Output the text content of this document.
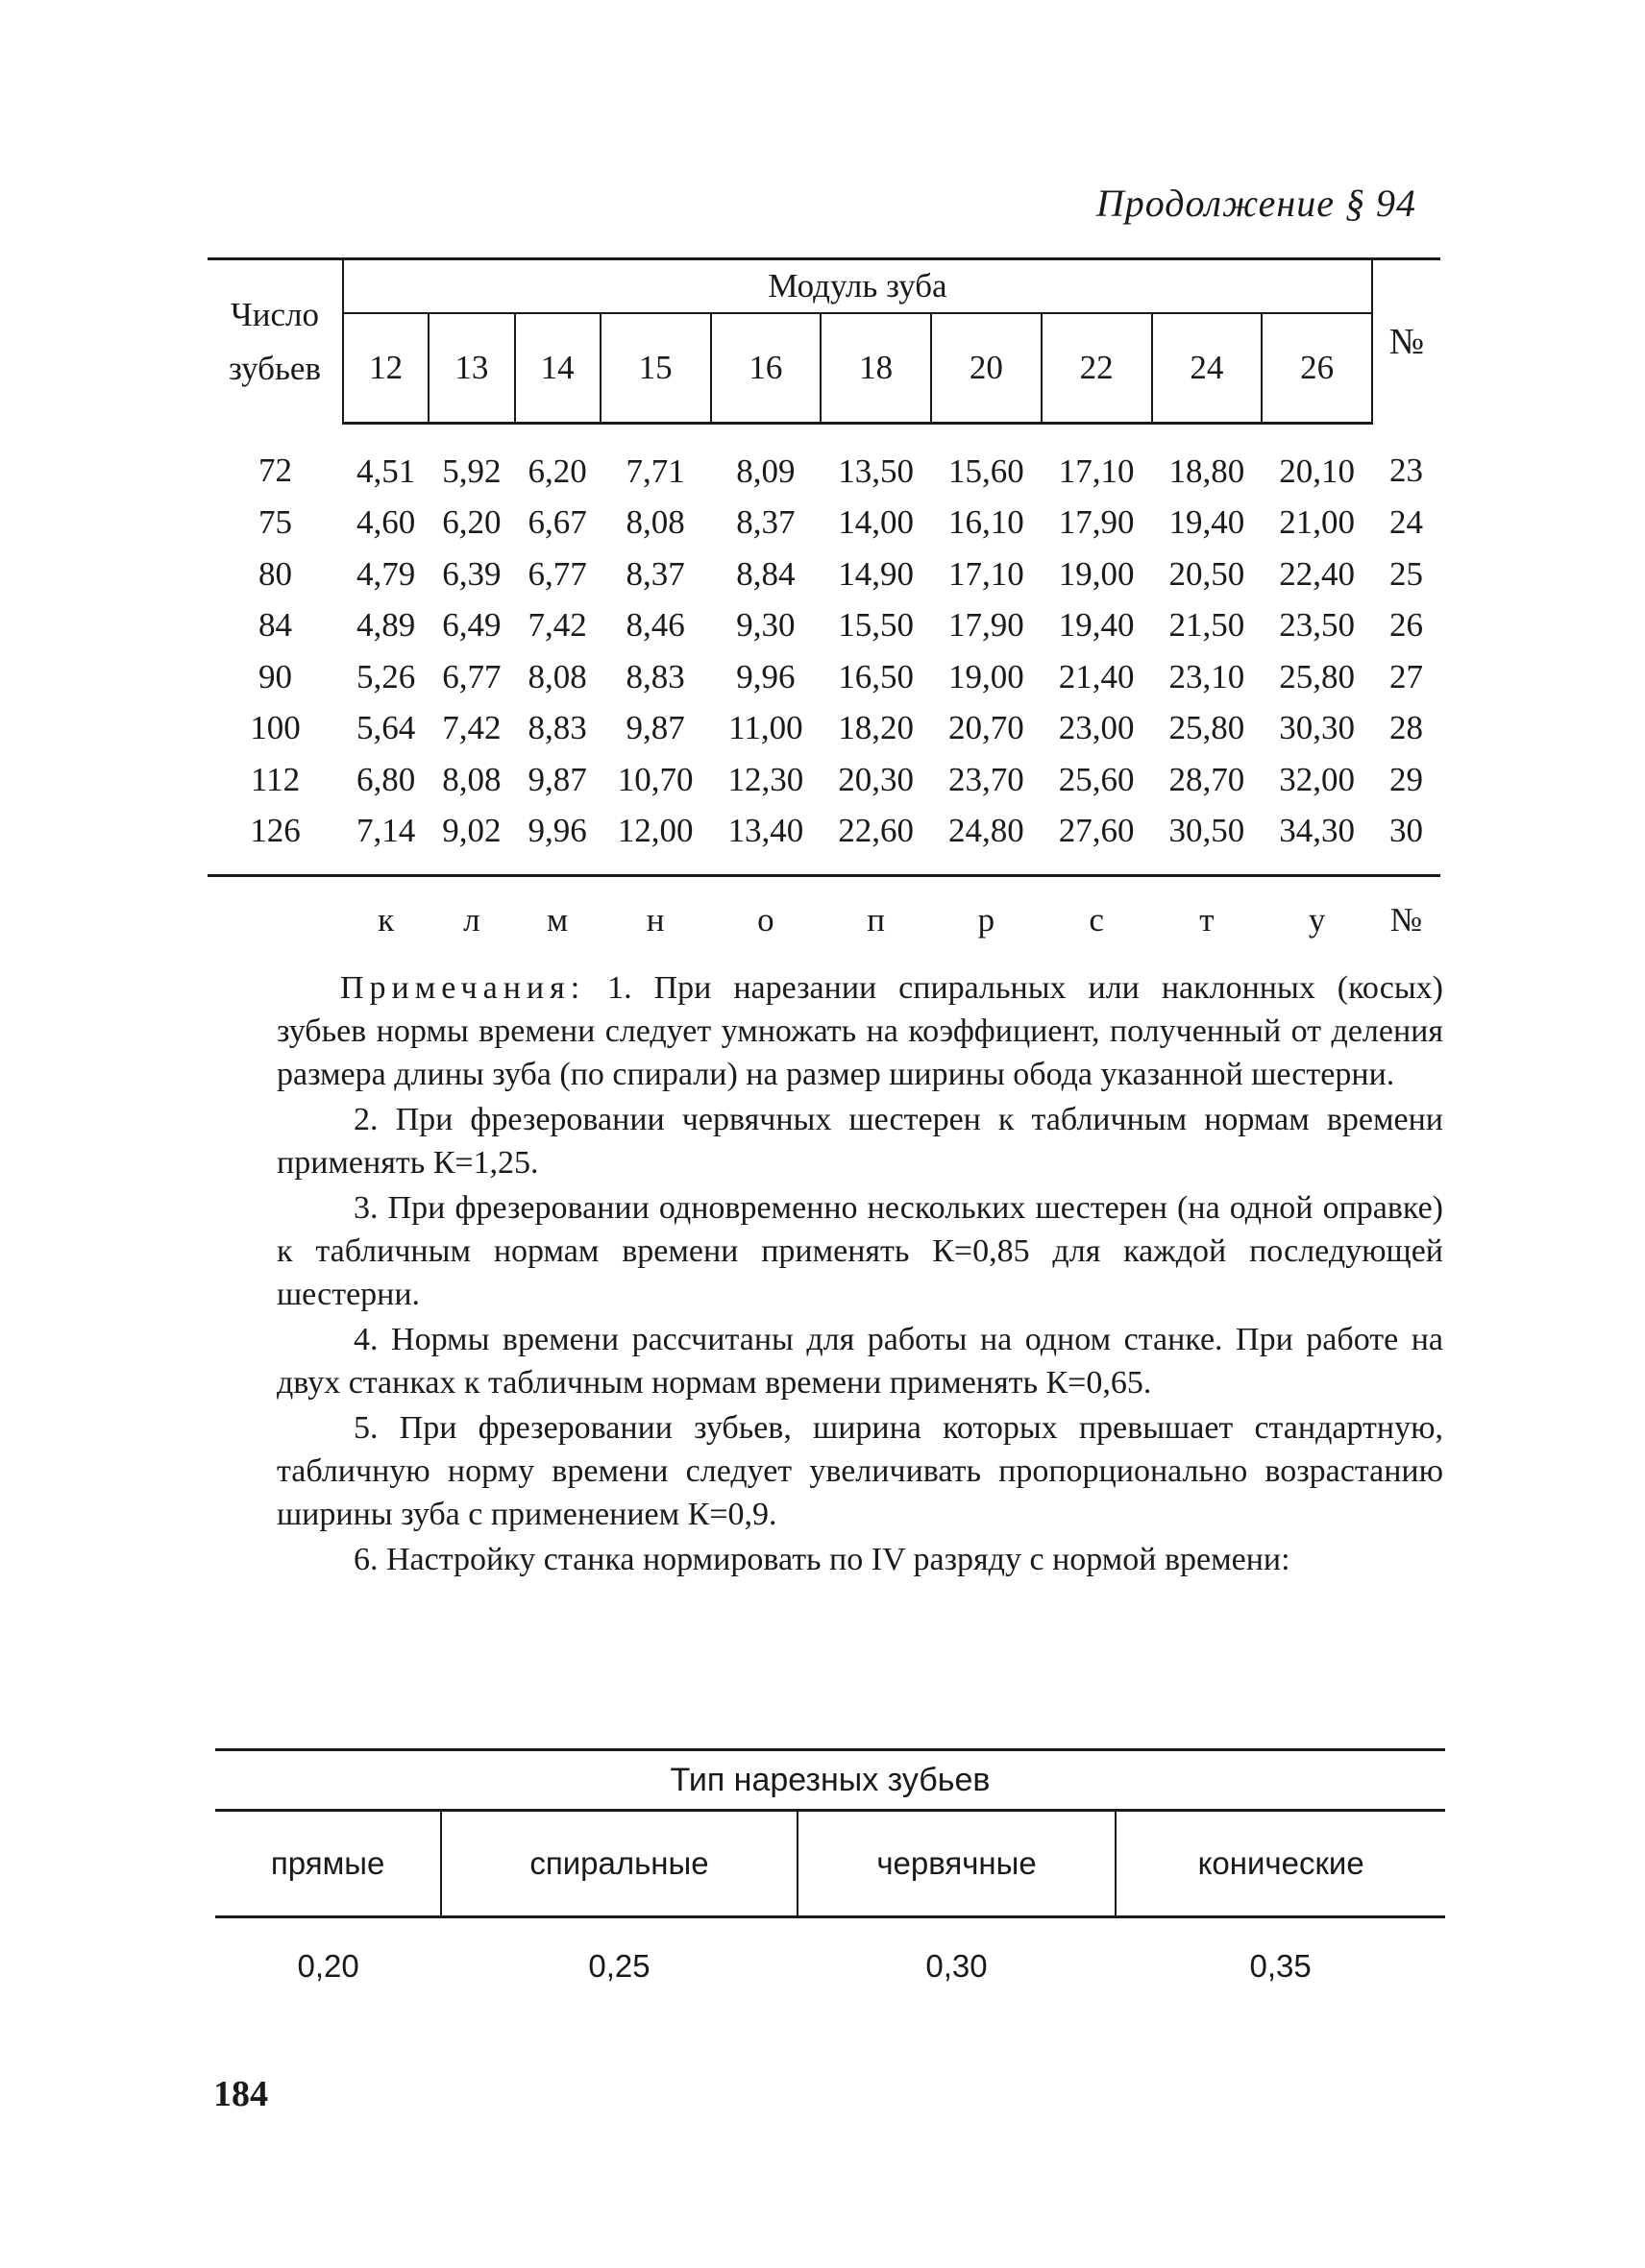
Продолжение § 94
Число
зубьев	Модуль зуба										№
	12	13	14	15	16	18	20	22	24	26	
72	4,51	5,92	6,20	7,71	8,09	13,50	15,60	17,10	18,80	20,10	23
75	4,60	6,20	6,67	8,08	8,37	14,00	16,10	17,90	19,40	21,00	24
80	4,79	6,39	6,77	8,37	8,84	14,90	17,10	19,00	20,50	22,40	25
84	4,89	6,49	7,42	8,46	9,30	15,50	17,90	19,40	21,50	23,50	26
90	5,26	6,77	8,08	8,83	9,96	16,50	19,00	21,40	23,10	25,80	27
100	5,64	7,42	8,83	9,87	11,00	18,20	20,70	23,00	25,80	30,30	28
112	6,80	8,08	9,87	10,70	12,30	20,30	23,70	25,60	28,70	32,00	29
126	7,14	9,02	9,96	12,00	13,40	22,60	24,80	27,60	30,50	34,30	30
	к	л	м	н	о	п	р	с	т	у	№

Примечания: 1. При нарезании спиральных или наклонных (косых) зубьев нормы времени следует умножать на коэффициент, полученный от деления размера длины зуба (по спирали) на размер ширины обода указанной шестерни.

2. При фрезеровании червячных шестерен к табличным нормам времени применять К=1,25.

3. При фрезеровании одновременно нескольких шестерен (на одной оправке) к табличным нормам времени применять К=0,85 для каждой последующей шестерни.

4. Нормы времени рассчитаны для работы на одном станке. При работе на двух станках к табличным нормам времени применять К=0,65.

5. При фрезеровании зубьев, ширина которых превышает стандартную, табличную норму времени следует увеличивать пропорционально возрастанию ширины зуба с применением К=0,9.

6. Настройку станка нормировать по IV разряду с нормой времени:

Тип нарезных зубьев			
прямые	спиральные	червячные	конические
0,20	0,25	0,30	0,35
184
